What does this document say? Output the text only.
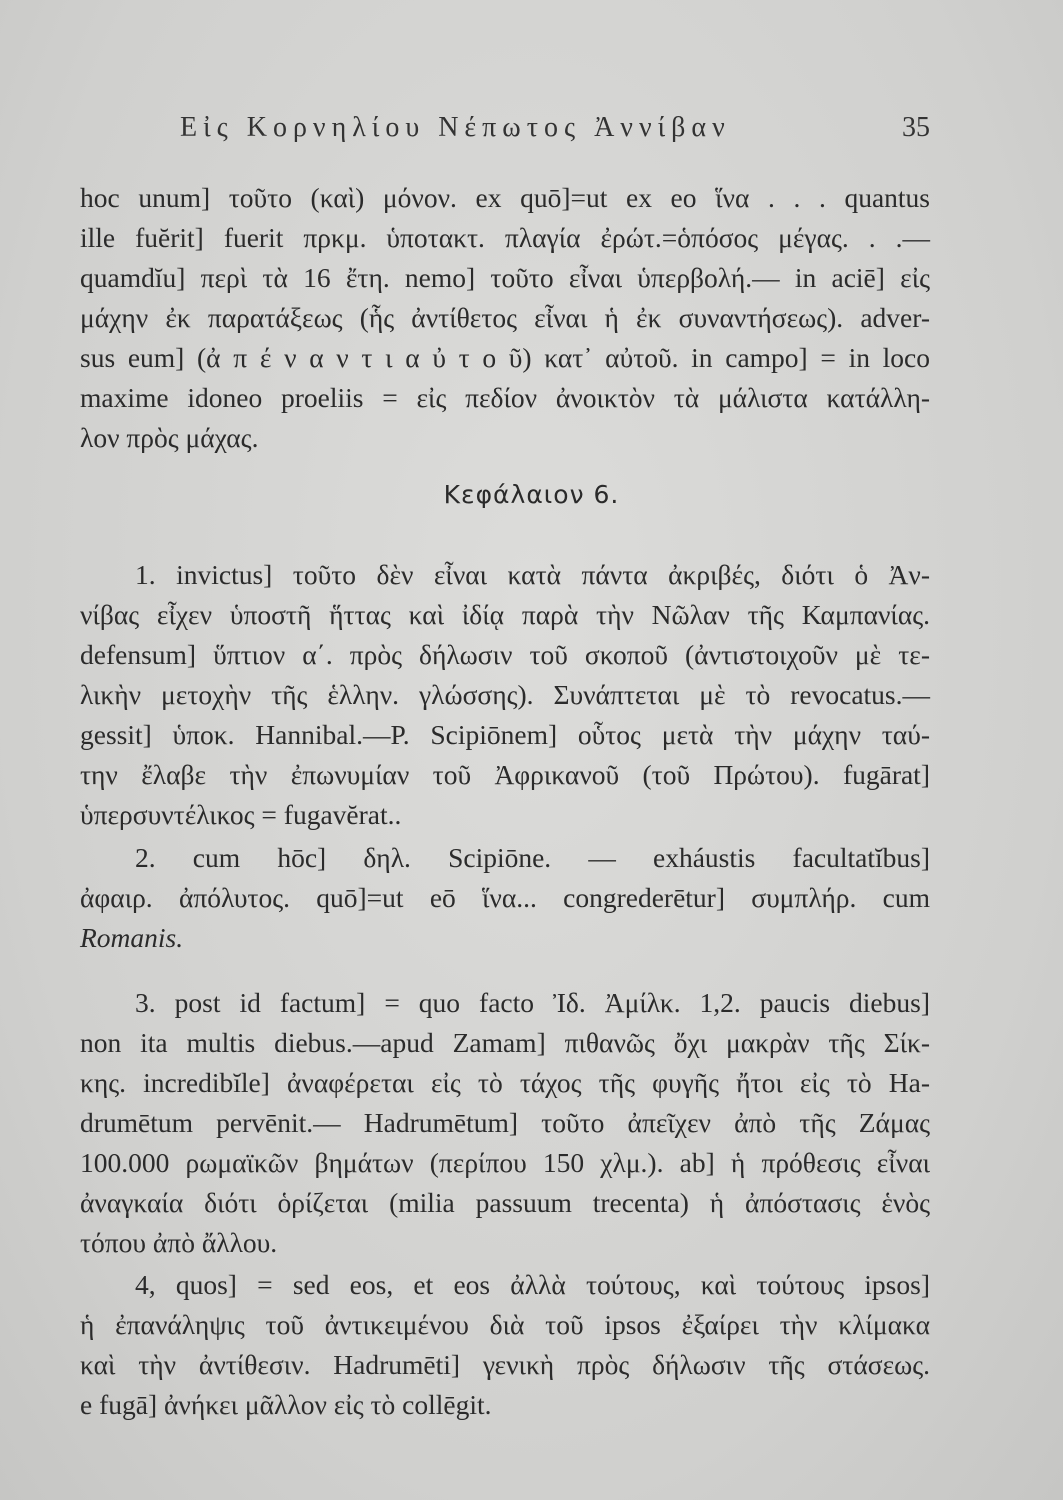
Εἰς Κορνηλίου Νέπωτος Ἀννίβαν	35
hoc unum] τοῦτο (καὶ) μόνον. ex quō]=ut ex eo ἵνα . . . quantus
ille fuĕrit] fuerit πρκμ. ὑποτακτ. πλαγία ἐρώτ.=ὁπόσος μέγας. . .—
quamdĭu] περὶ τὰ 16 ἔτη. nemo] τοῦτο εἶναι ὑπερβολή.— in aciē] εἰς
μάχην ἐκ παρατάξεως (ἧς ἀντίθετος εἶναι ἡ ἐκ συναντήσεως). adver-
sus eum] (ἀ π έ ν α ν τ ι α ὐ τ ο ῦ) κατ᾽ αὐτοῦ. in campo] = in loco
maxime idoneo proeliis = εἰς πεδίον ἀνοικτὸν τὰ μάλιστα κατάλλη-
λον πρὸς μάχας.
Κεφάλαιον 6.
1. invictus] τοῦτο δὲν εἶναι κατὰ πάντα ἀκριβές, διότι ὁ Ἀν-
νίβας εἶχεν ὑποστῆ ἥττας καὶ ἰδίᾳ παρὰ τὴν Νῶλαν τῆς Καμπανίας.
defensum] ὕπτιον α΄. πρὸς δήλωσιν τοῦ σκοποῦ (ἀντιστοιχοῦν μὲ τε-
λικὴν μετοχὴν τῆς ἑλλην. γλώσσης). Συνάπτεται μὲ τὸ revocatus.—
gessit] ὑποκ. Hannibal.—P. Scipiōnem] οὗτος μετὰ τὴν μάχην ταύ-
την ἔλαβε τὴν ἐπωνυμίαν τοῦ Ἀφρικανοῦ (τοῦ Πρώτου). fugārat]
ὑπερσυντέλικος = fugavĕrat..
2. cum hōc] δηλ. Scipiōne. — exháustis facultatĭbus]
ἀφαιρ. ἀπόλυτος. quō]=ut eō ἵνα... congrederētur] συμπλήρ. cum
Romanis.
3. post id factum] = quo facto Ἰδ. Ἀμίλκ. 1,2. paucis diebus]
non ita multis diebus.—apud Zamam] πιθανῶς ὄχι μακρὰν τῆς Σίκ-
κης. incredibĭle] ἀναφέρεται εἰς τὸ τάχος τῆς φυγῆς ἤτοι εἰς τὸ Ha-
drumētum pervēnit.— Hadrumētum] τοῦτο ἀπεῖχεν ἀπὸ τῆς Ζάμας
100.000 ρωμαϊκῶν βημάτων (περίπου 150 χλμ.). ab] ἡ πρόθεσις εἶναι
ἀναγκαία διότι ὁρίζεται (milia passuum trecenta) ἡ ἀπόστασις ἑνὸς
τόπου ἀπὸ ἄλλου.
4, quos] = sed eos, et eos ἀλλὰ τούτους, καὶ τούτους ipsos]
ἡ ἐπανάληψις τοῦ ἀντικειμένου διὰ τοῦ ipsos ἐξαίρει τὴν κλίμακα
καὶ τὴν ἀντίθεσιν. Hadrumēti] γενικὴ πρὸς δήλωσιν τῆς στάσεως.
e fugā] ἀνήκει μᾶλλον εἰς τὸ collēgit.
